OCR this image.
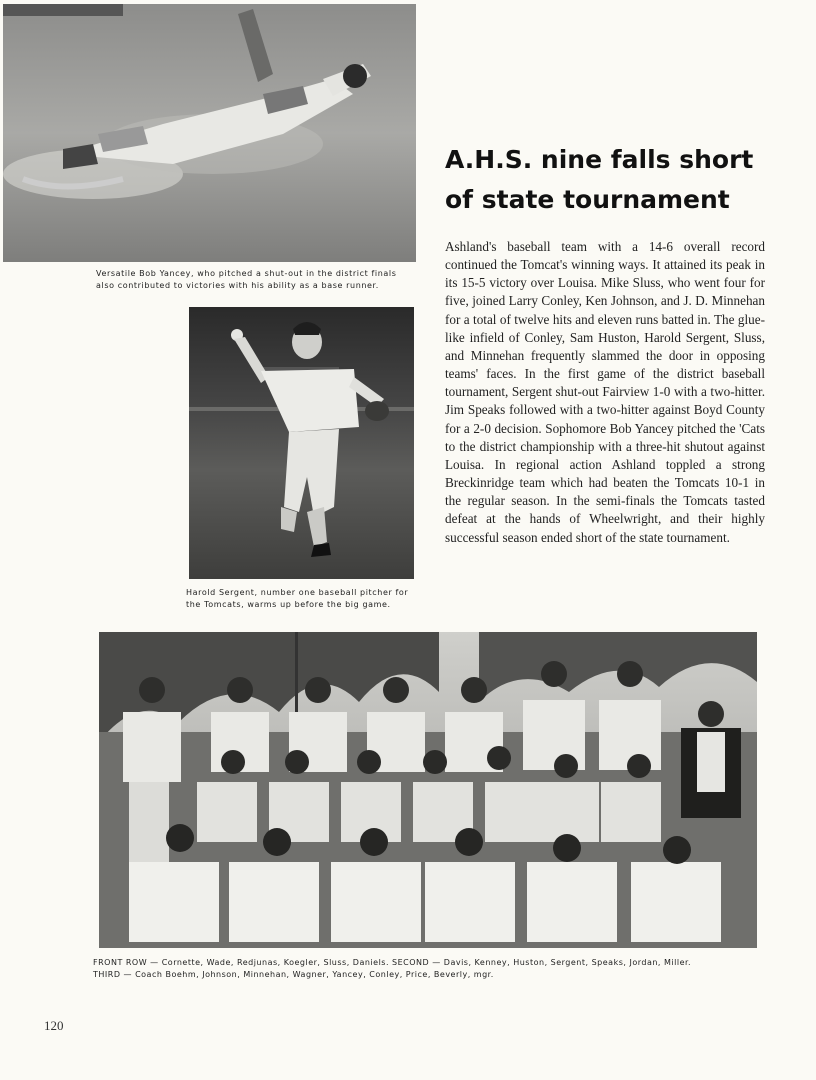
Versatile Bob Yancey, who pitched a shut-out in the district finals also contributed to victories with his ability as a base runner.
Harold Sergent, number one baseball pitcher for the Tomcats, warms up before the big game.
A.H.S. nine falls short
of state tournament

Ashland's baseball team with a 14-6 overall record continued the Tomcat's winning ways. It attained its peak in its 15-5 victory over Louisa. Mike Sluss, who went four for five, joined Larry Conley, Ken Johnson, and J. D. Minnehan for a total of twelve hits and eleven runs batted in. The glue-like infield of Conley, Sam Huston, Harold Sergent, Sluss, and Minnehan frequently slammed the door in opposing teams' faces. In the first game of the district baseball tournament, Sergent shut-out Fairview 1-0 with a two-hitter. Jim Speaks followed with a two-hitter against Boyd County for a 2-0 decision. Sophomore Bob Yancey pitched the 'Cats to the district championship with a three-hit shutout against Louisa. In regional action Ashland toppled a strong Breckinridge team which had beaten the Tomcats 10-1 in the regular season. In the semi-finals the Tomcats tasted defeat at the hands of Wheelwright, and their highly successful season ended short of the state tournament.

FRONT ROW — Cornette, Wade, Redjunas, Koegler, Sluss, Daniels. SECOND — Davis, Kenney, Huston, Sergent, Speaks, Jordan, Miller.
THIRD — Coach Boehm, Johnson, Minnehan, Wagner, Yancey, Conley, Price, Beverly, mgr.
120
